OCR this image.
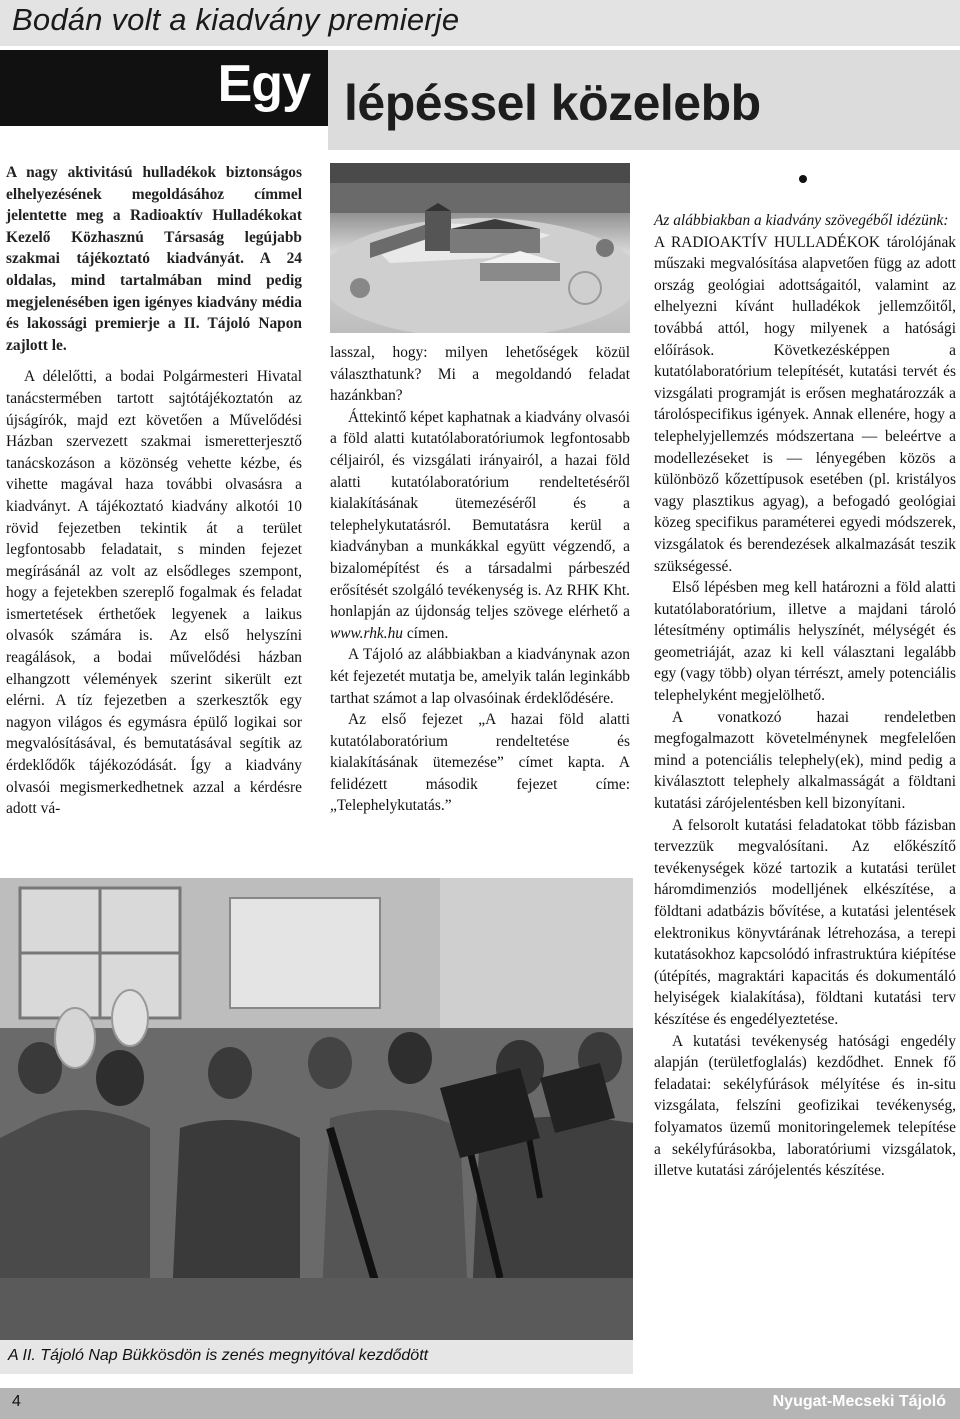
Bodán volt a kiadvány premierje
Egy lépéssel közelebb

A nagy aktivitású hulladékok biztonságos elhelyezésének megoldásához címmel jelentette meg a Radioaktív Hulladékokat Kezelő Közhasznú Társaság legújabb szakmai tájékoztató kiadványát. A 24 oldalas, mind tartalmában mind pedig megjelenésében igen igényes kiadvány média és lakossági premierje a II. Tájoló Napon zajlott le.

A délelőtti, a bodai Polgármesteri Hivatal tanácstermében tartott sajtótájékoztatón az újságírók, majd ezt követően a Művelődési Házban szervezett szakmai ismeretterjesztő tanácskozáson a közönség vehette kézbe, és vihette magával haza további olvasásra a kiadványt. A tájékoztató kiadvány alkotói 10 rövid fejezetben tekintik át a terület legfontosabb feladatait, s minden fejezet megírásánál az volt az elsődleges szempont, hogy a fejetekben szereplő fogalmak és feladat ismertetések érthetőek legyenek a laikus olvasók számára is. Az első helyszíni reagálások, a bodai művelődési házban elhangzott vélemények szerint sikerült ezt elérni. A tíz fejezetben a szerkesztők egy nagyon világos és egymásra épülő logikai sor megvalósításával, és bemutatásával segítik az érdeklődők tájékozódását. Így a kiadvány olvasói megismerkedhetnek azzal a kérdésre adott vá-

lasszal, hogy: milyen lehetőségek közül választhatunk? Mi a megoldandó feladat hazánkban?

Áttekintő képet kaphatnak a kiadvány olvasói a föld alatti kutatólaboratóriumok legfontosabb céljairól, és vizsgálati irányairól, a hazai föld alatti kutatólaboratórium rendeltetéséről kialakításának ütemezéséről és a telephelykutatásról. Bemutatásra kerül a kiadványban a munkákkal együtt végzendő, a bizalomépítést és a társadalmi párbeszéd erősítését szolgáló tevékenység is. Az RHK Kht. honlapján az újdonság teljes szövege elérhető a www.rhk.hu címen.

A Tájoló az alábbiakban a kiadványnak azon két fejezetét mutatja be, amelyik talán leginkább tarthat számot a lap olvasóinak érdeklődésére.

Az első fejezet „A hazai föld alatti kutatólaboratórium rendeltetése és kialakításának ütemezése” címet kapta. A felidézett második fejezet címe: „Telephelykutatás.”

Az alábbiakban a kiadvány szövegéből idézünk:

A RADIOAKTÍV HULLADÉKOK tárolójának műszaki megvalósítása alapvetően függ az adott ország geológiai adottságaitól, valamint az elhelyezni kívánt hulladékok jellemzőitől, továbbá attól, hogy milyenek a hatósági előírások. Következésképpen a kutatólaboratórium telepítését, kutatási tervét és vizsgálati programját is erősen meghatározzák a tárolóspecifikus igények. Annak ellenére, hogy a telephelyjellemzés módszertana — beleértve a modellezéseket is — lényegében közös a különböző kőzettípusok esetében (pl. kristályos vagy plasztikus agyag), a befogadó geológiai közeg specifikus paraméterei egyedi módszerek, vizsgálatok és berendezések alkalmazását teszik szükségessé.

Első lépésben meg kell határozni a föld alatti kutatólaboratórium, illetve a majdani tároló létesítmény optimális helyszínét, mélységét és geometriáját, azaz ki kell választani legalább egy (vagy több) olyan térrészt, amely potenciális telephelyként megjelölhető.

A vonatkozó hazai rendeletben megfogalmazott követelménynek megfelelően mind a potenciális telephely(ek), mind pedig a kiválasztott telephely alkalmasságát a földtani kutatási zárójelentésben kell bizonyítani.

A felsorolt kutatási feladatokat több fázisban tervezzük megvalósítani. Az előkészítő tevékenységek közé tartozik a kutatási terület háromdimenziós modelljének elkészítése, a földtani adatbázis bővítése, a kutatási jelentések elektronikus könyvtárának létrehozása, a terepi kutatásokhoz kapcsolódó infrastruktúra kiépítése (útépítés, magraktári kapacitás és dokumentáló helyiségek kialakítása), földtani kutatási terv készítése és engedélyeztetése.

A kutatási tevékenység hatósági engedély alapján (területfoglalás) kezdődhet. Ennek fő feladatai: sekélyfúrások mélyítése és in-situ vizsgálata, felszíni geofizikai tevékenység, folyamatos üzemű monitoringelemek telepítése a sekélyfúrásokba, laboratóriumi vizsgálatok, illetve kutatási zárójelentés készítése.

A II. Tájoló Nap Bükkösdön is zenés megnyitóval kezdődött
4	Nyugat-Mecseki Tájoló
